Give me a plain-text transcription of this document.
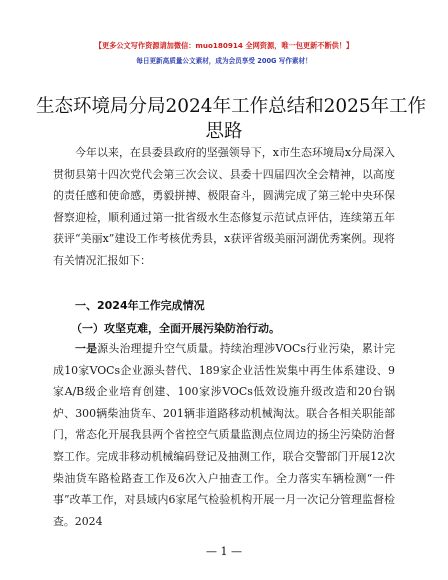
【更多公文写作资源请加微信：muo180914 全网资源，唯一包更新不断供！】
每日更新高质量公文素材，成为会员享受 200G 写作素材！
生态环境局分局2024年工作总结和2025年工作
思路
今年以来，在县委县政府的坚强领导下，x市生态环境局x分局深入贯彻县第十四次党代会第三次会议、县委十四届四次全会精神，以高度的责任感和使命感，勇毅拼搏、极限奋斗，圆满完成了第三轮中央环保督察迎检，顺利通过第一批省级水生态修复示范试点评估，连续第五年获评“美丽x”建设工作考核优秀县，x获评省级美丽河湖优秀案例。现将有关情况汇报如下：
一、2024年工作完成情况
（一）攻坚克难，全面开展污染防治行动。
一是源头治理提升空气质量。持续治理涉VOCs行业污染，累计完成10家VOCs企业源头替代、189家企业活性炭集中再生体系建设、9家A/B级企业培育创建、100家涉VOCs低效设施升级改造和20台锅炉、300辆柴油货车、201辆非道路移动机械淘汰。联合各相关职能部门，常态化开展我县两个省控空气质量监测点位周边的扬尘污染防治督察工作。完成非移动机械编码登记及抽测工作，联合交警部门开展12次柴油货车路检路查工作及6次入户抽查工作。全力落实车辆检测“一件事”改革工作，对县域内6家尾气检验机构开展一月一次记分管理监督检查。2024
— 1 —
